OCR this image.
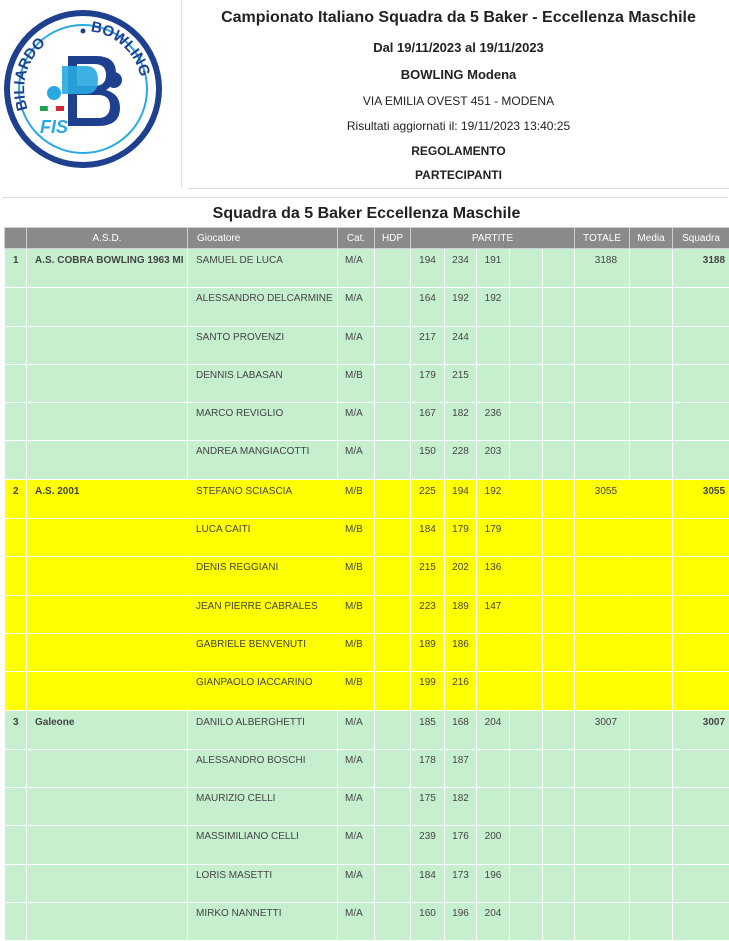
BILIARDO
BOWLING
FIS
Campionato Italiano Squadra da 5 Baker - Eccellenza Maschile
Dal 19/11/2023 al 19/11/2023
BOWLING Modena
VIA EMILIA OVEST 451 - MODENA
Risultati aggiornati il: 19/11/2023 13:40:25
REGOLAMENTO
PARTECIPANTI
Squadra da 5 Baker Eccellenza Maschile
	A.S.D.	Giocatore	Cat.	HDP	PARTITE					TOTALE	Media	Squadra
1	A.S. COBRA BOWLING 1963 MI	SAMUEL DE LUCA	M/A		194	234	191			3188		3188
		ALESSANDRO DELCARMINE	M/A		164	192	192					
		SANTO PROVENZI	M/A		217	244						
		DENNIS LABASAN	M/B		179	215						
		MARCO REVIGLIO	M/A		167	182	236					
		ANDREA MANGIACOTTI	M/A		150	228	203					
2	A.S. 2001	STEFANO SCIASCIA	M/B		225	194	192			3055		3055
		LUCA CAITI	M/B		184	179	179					
		DENIS REGGIANI	M/B		215	202	136					
		JEAN PIERRE CABRALES	M/B		223	189	147					
		GABRIELE BENVENUTI	M/B		189	186						
		GIANPAOLO IACCARINO	M/B		199	216						
3	Galeone	DANILO ALBERGHETTI	M/A		185	168	204			3007		3007
		ALESSANDRO BOSCHI	M/A		178	187						
		MAURIZIO CELLI	M/A		175	182						
		MASSIMILIANO CELLI	M/A		239	176	200					
		LORIS MASETTI	M/A		184	173	196					
		MIRKO NANNETTI	M/A		160	196	204					
